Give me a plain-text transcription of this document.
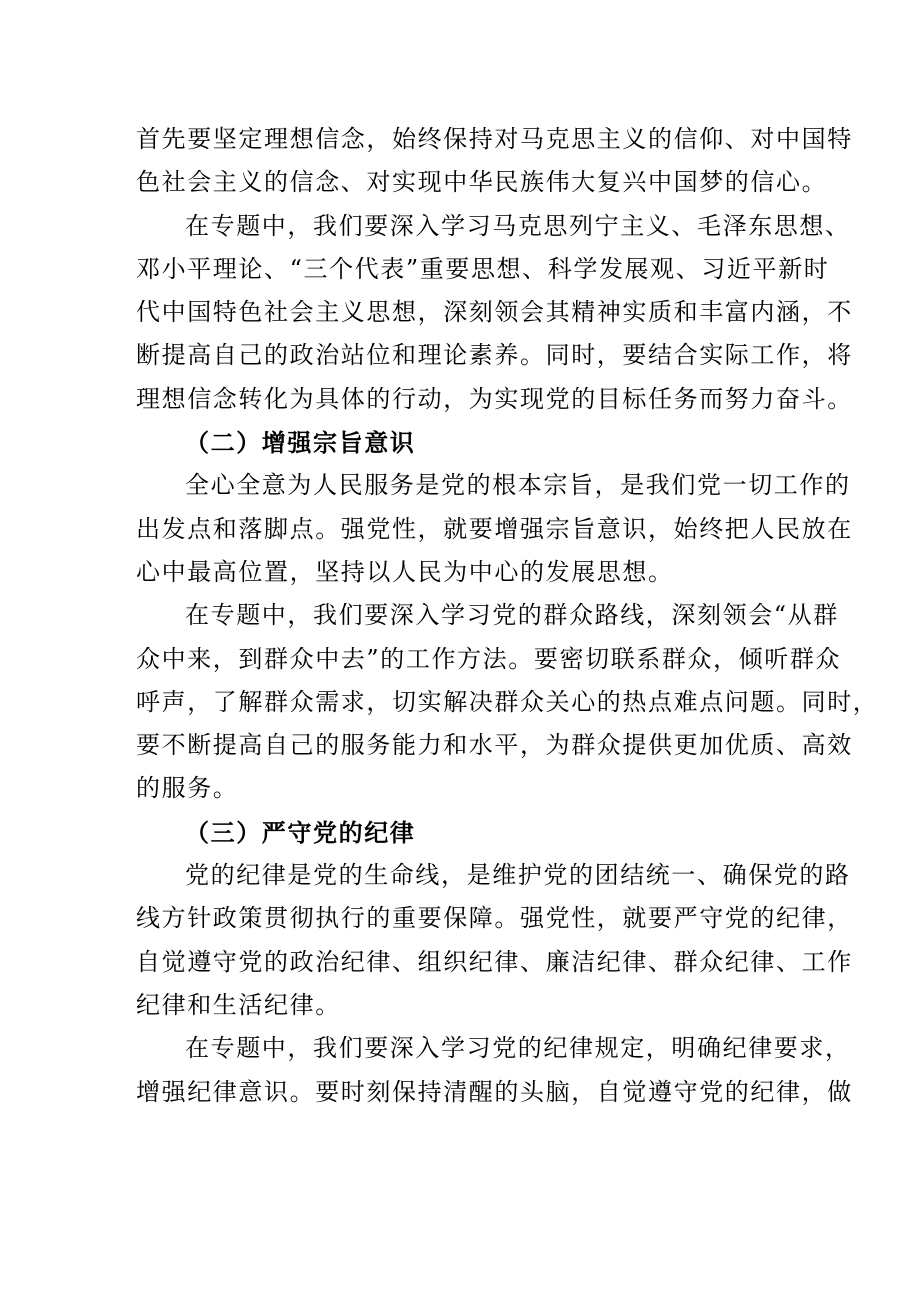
首先要坚定理想信念，始终保持对马克思主义的信仰、对中国特
色社会主义的信念、对实现中华民族伟大复兴中国梦的信心。
在专题中，我们要深入学习马克思列宁主义、毛泽东思想、
邓小平理论、“三个代表”重要思想、科学发展观、习近平新时
代中国特色社会主义思想，深刻领会其精神实质和丰富内涵，不
断提高自己的政治站位和理论素养。同时，要结合实际工作，将
理想信念转化为具体的行动，为实现党的目标任务而努力奋斗。
（二）增强宗旨意识
全心全意为人民服务是党的根本宗旨，是我们党一切工作的
出发点和落脚点。强党性，就要增强宗旨意识，始终把人民放在
心中最高位置，坚持以人民为中心的发展思想。
在专题中，我们要深入学习党的群众路线，深刻领会“从群
众中来，到群众中去”的工作方法。要密切联系群众，倾听群众
呼声，了解群众需求，切实解决群众关心的热点难点问题。同时，
要不断提高自己的服务能力和水平，为群众提供更加优质、高效
的服务。
（三）严守党的纪律
党的纪律是党的生命线，是维护党的团结统一、确保党的路
线方针政策贯彻执行的重要保障。强党性，就要严守党的纪律，
自觉遵守党的政治纪律、组织纪律、廉洁纪律、群众纪律、工作
纪律和生活纪律。
在专题中，我们要深入学习党的纪律规定，明确纪律要求，
增强纪律意识。要时刻保持清醒的头脑，自觉遵守党的纪律，做
